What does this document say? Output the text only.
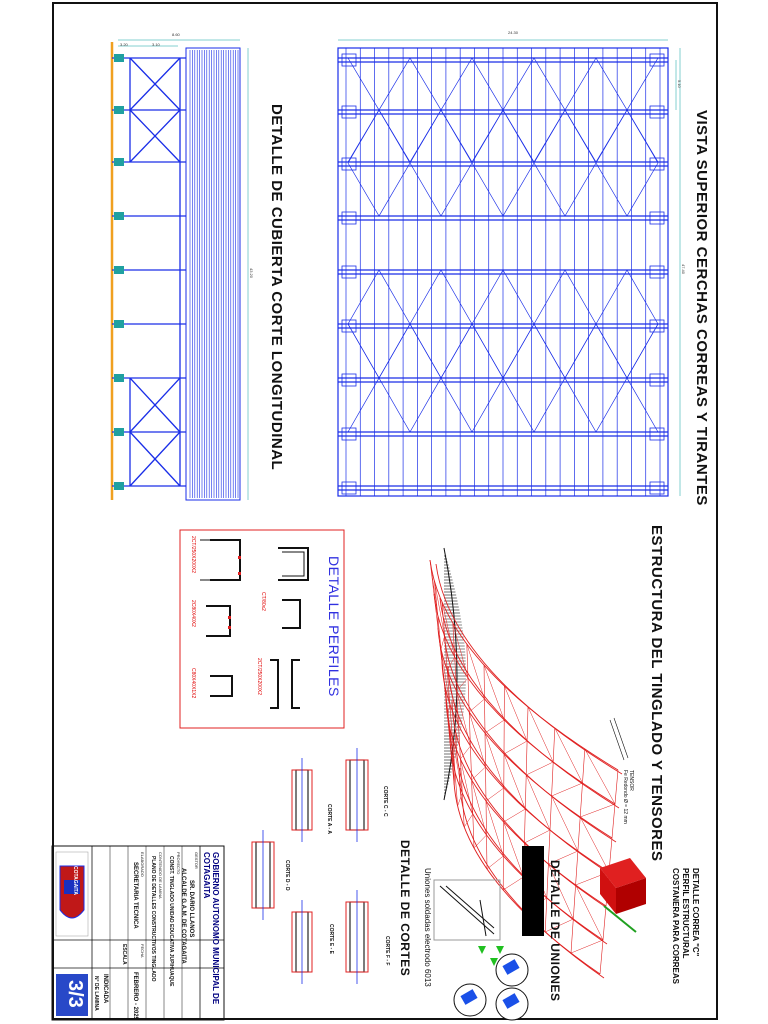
VISTA SUPERIOR CERCHAS CORREAS Y TIRANTES
DETALLE DE CUBIERTA CORTE LONGITUDINAL
ESTRUCTURA DEL TINGLADO Y TENSORES
DETALLE PERFILES
DETALLE DE CORTES	DETALLE DE UNIONES	DETALLE CORREA "C"
PERFIL ESTRUCTURAL
COSTANERA PARA CORREAS
Uniones soldadas electrodo 6013
TENSOR
Fe Redondo Ø = 12 mm
2CT/250X200X2
CT/80x2
2CT/250X200X2
2C80X40X2
C80X40X1X2
CORTE C - C
CORTE A - A
CORTE D - D
CORTE E - E	CORTE F - F
24.30
47.40
5.10
43.20
8.60
3.20	3.10
GOBIERNO AUTONOMO MUNICIPAL DE COTAGAITA
GESTOR
SR. DARIO LLANOS
ALCALDE G.A.M. DE COTAGAITA
PROYECTO
CONST. TINGLADO UNIDAD EDUCATIVA JUPIHUAQUE
CONTENIDO DE LAMINA
PLANO DE DETALLES CONSTRUCTIVOS TINGLADO
ELABORADO
SECRETARIA TECNICA
FECHA
FEBRERO - 2025
ESCALA
INDICADA
N° DE LAMINA
3/3
COTAGAITA
